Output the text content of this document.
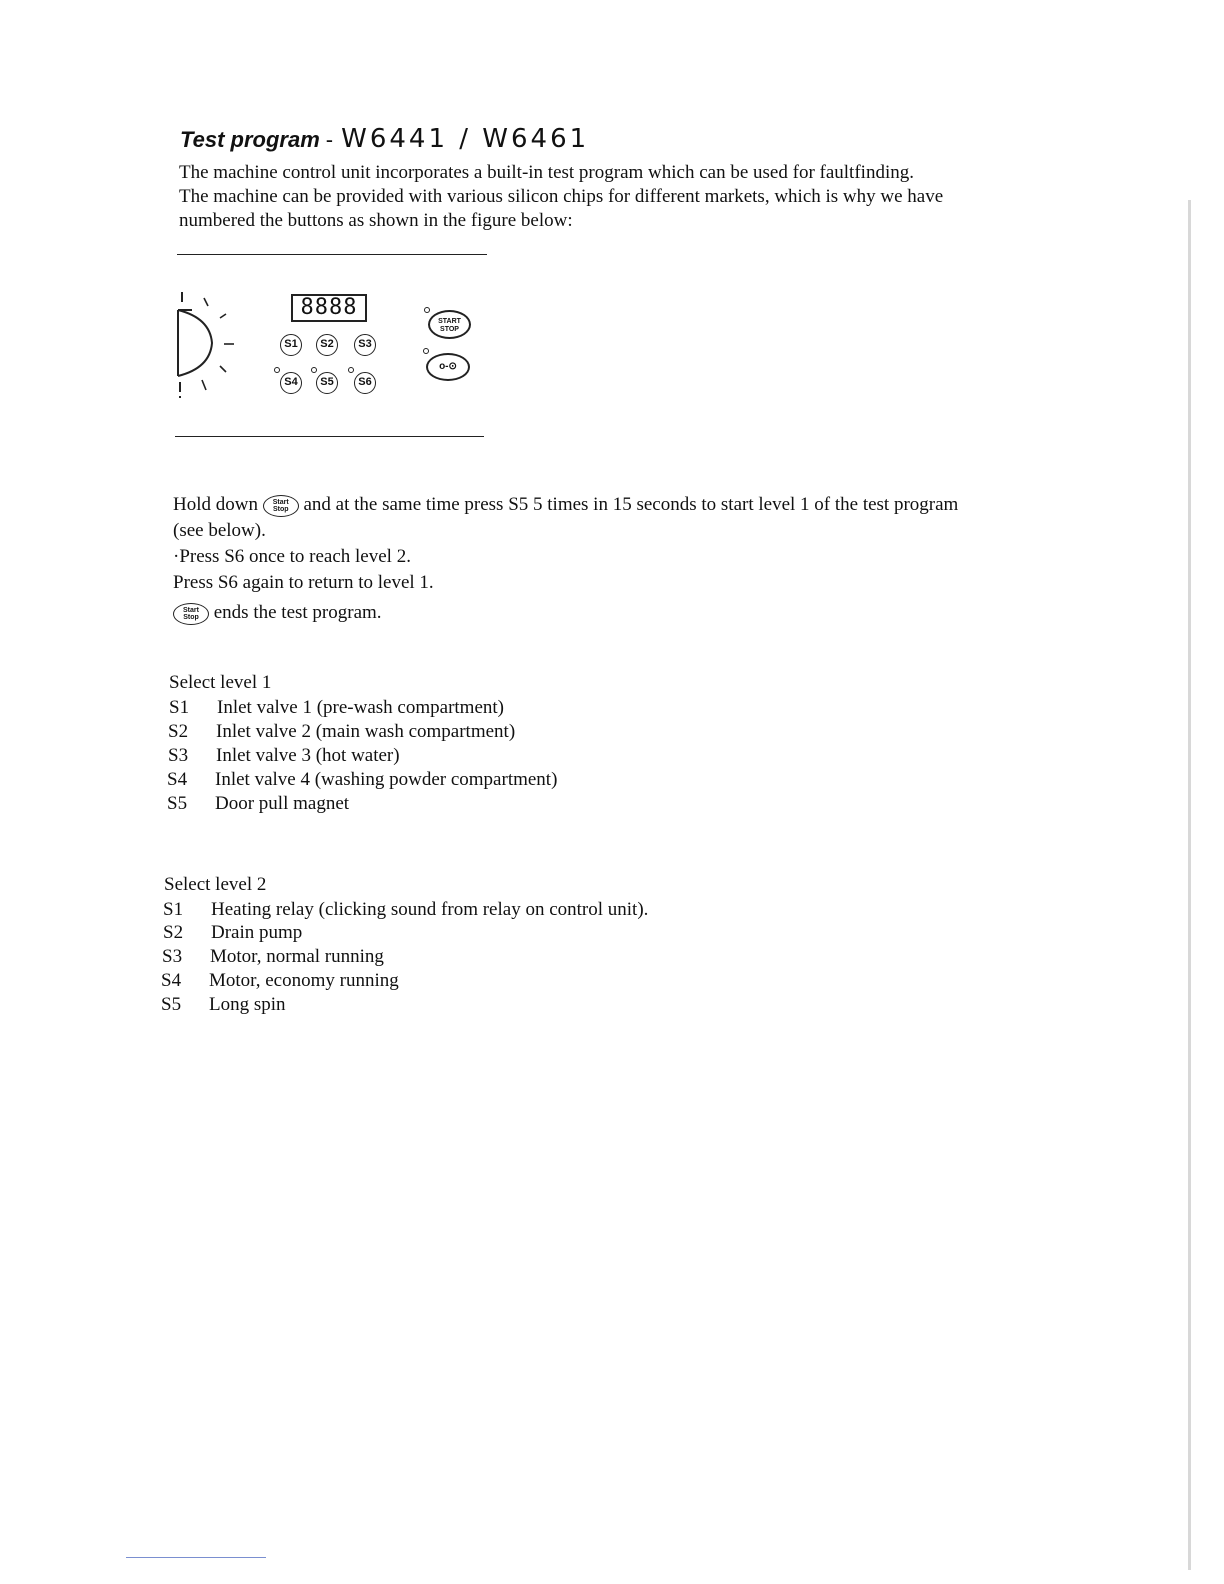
Test program - W6441 / W6461
The machine control unit incorporates a built-in test program which can be used for faultfinding.
The machine can be provided with various silicon chips for different markets, which is why we have
numbered the buttons as shown in the figure below:
8888
S1	S2	S3
S4	S5	S6
START
STOP
o-⊙
Hold down Start
Stop and at the same time press S5 5 times in 15 seconds to start level 1 of the test program
(see below).
·Press S6 once to reach level 2.
Press S6 again to return to level 1.
Start
Stop ends the test program.
Select level 1
S1 Inlet valve 1 (pre-wash compartment)
S2 Inlet valve 2 (main wash compartment)
S3 Inlet valve 3 (hot water)
S4 Inlet valve 4 (washing powder compartment)
S5 Door pull magnet
Select level 2
S1 Heating relay (clicking sound from relay on control unit).
S2 Drain pump
S3 Motor, normal running
S4 Motor, economy running
S5 Long spin
